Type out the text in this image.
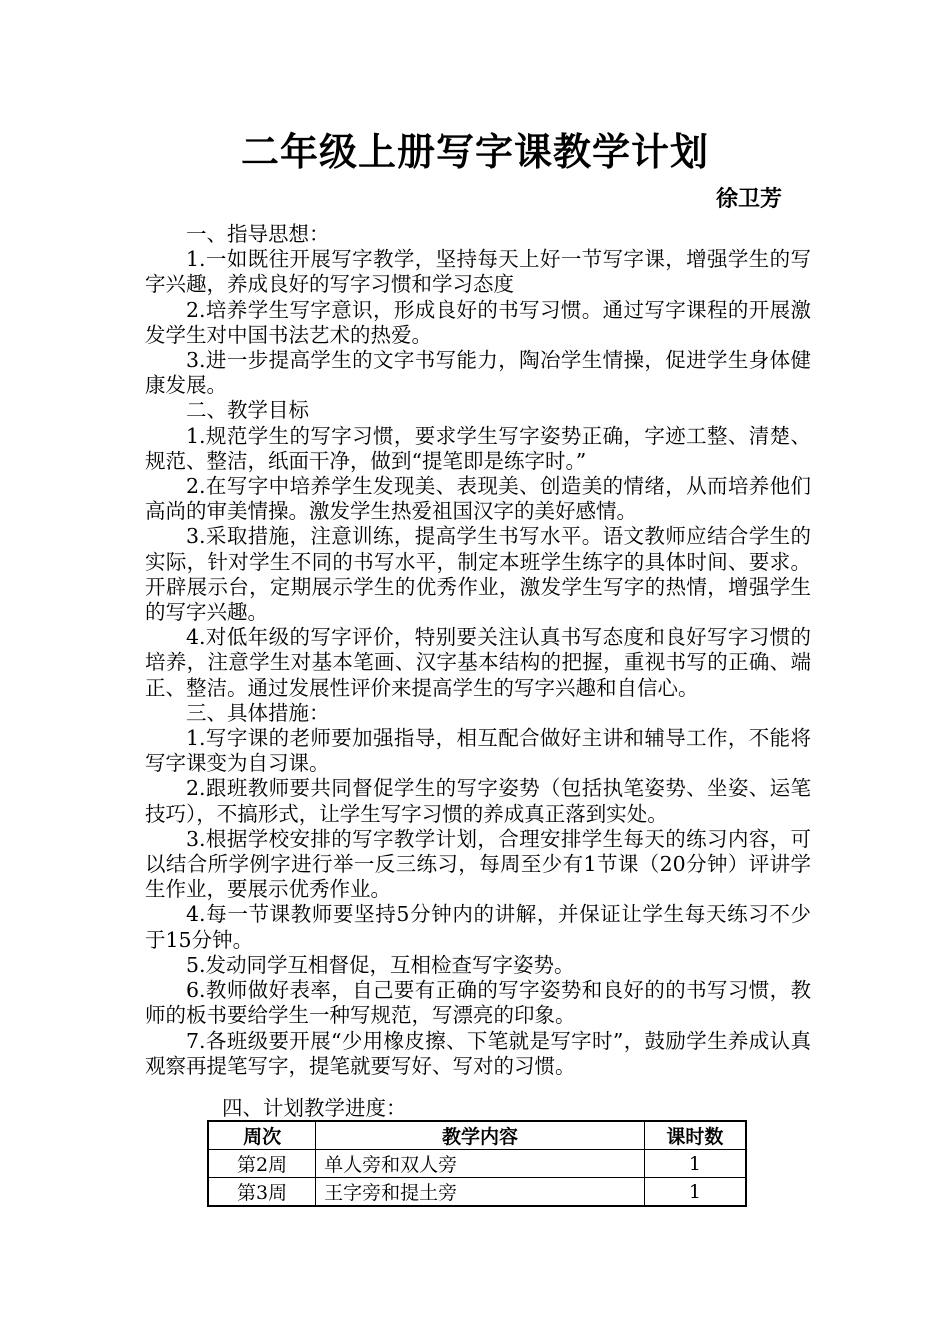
二年级上册写字课教学计划
徐卫芳

一、指导思想：

1.一如既往开展写字教学，坚持每天上好一节写字课，增强学生的写字兴趣，养成良好的写字习惯和学习态度

2.培养学生写字意识，形成良好的书写习惯。通过写字课程的开展激发学生对中国书法艺术的热爱。

3.进一步提高学生的文字书写能力，陶冶学生情操，促进学生身体健康发展。

二、教学目标

1.规范学生的写字习惯，要求学生写字姿势正确，字迹工整、清楚、规范、整洁，纸面干净，做到“提笔即是练字时。”

2.在写字中培养学生发现美、表现美、创造美的情绪，从而培养他们高尚的审美情操。激发学生热爱祖国汉字的美好感情。

3.采取措施，注意训练，提高学生书写水平。语文教师应结合学生的实际，针对学生不同的书写水平，制定本班学生练字的具体时间、要求。开辟展示台，定期展示学生的优秀作业，激发学生写字的热情，增强学生的写字兴趣。

4.对低年级的写字评价，特别要关注认真书写态度和良好写字习惯的培养，注意学生对基本笔画、汉字基本结构的把握，重视书写的正确、端正、整洁。通过发展性评价来提高学生的写字兴趣和自信心。

三、具体措施：

1.写字课的老师要加强指导，相互配合做好主讲和辅导工作，不能将写字课变为自习课。

2.跟班教师要共同督促学生的写字姿势（包括执笔姿势、坐姿、运笔技巧），不搞形式，让学生写字习惯的养成真正落到实处。

3.根据学校安排的写字教学计划，合理安排学生每天的练习内容，可以结合所学例字进行举一反三练习，每周至少有1节课（20分钟）评讲学生作业，要展示优秀作业。

4.每一节课教师要坚持5分钟内的讲解，并保证让学生每天练习不少于15分钟。

5.发动同学互相督促，互相检查写字姿势。

6.教师做好表率，自己要有正确的写字姿势和良好的的书写习惯，教师的板书要给学生一种写规范，写漂亮的印象。

7.各班级要开展“少用橡皮擦、下笔就是写字时”，鼓励学生养成认真观察再提笔写字，提笔就要写好、写对的习惯。

四、计划教学进度：
周次	教学内容	课时数
第2周	单人旁和双人旁	1
第3周	王字旁和提土旁	1
